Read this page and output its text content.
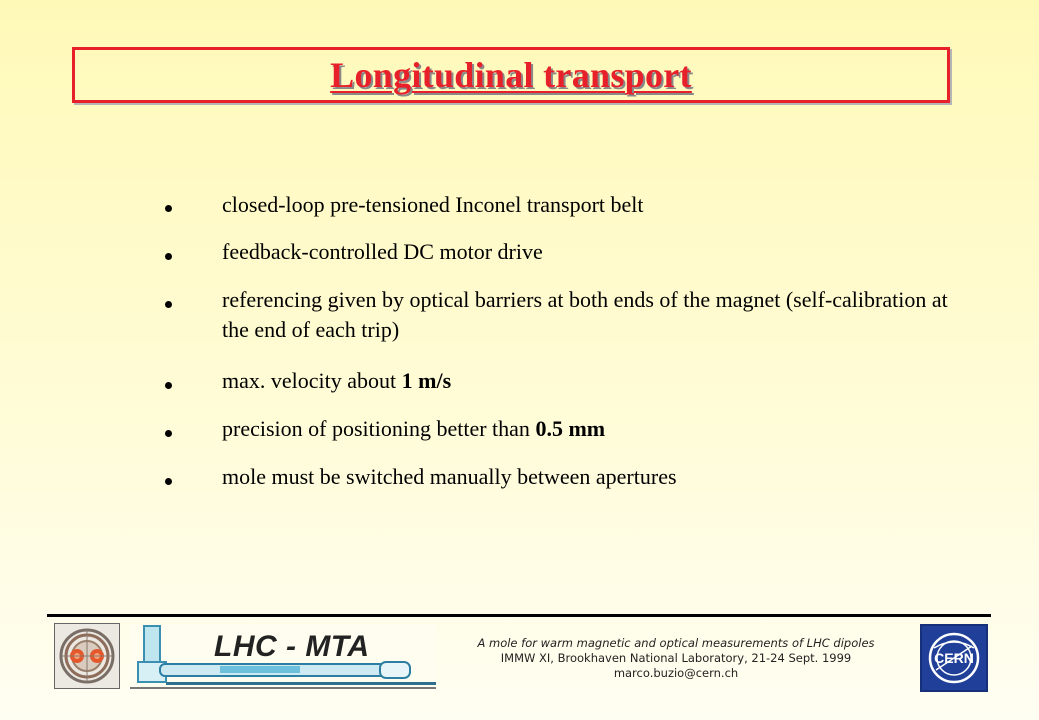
Longitudinal transport
closed-loop pre-tensioned Inconel transport belt
feedback-controlled DC motor drive
referencing given by optical barriers at both ends of the magnet (self-calibration at the end of each trip)
max. velocity about 1 m/s
precision of positioning better than 0.5 mm
mole must be switched manually between apertures
LHC - MTA	A mole for warm magnetic and optical measurements of LHC dipoles
IMMW XI, Brookhaven National Laboratory, 21-24 Sept. 1999
marco.buzio@cern.ch
CERN
